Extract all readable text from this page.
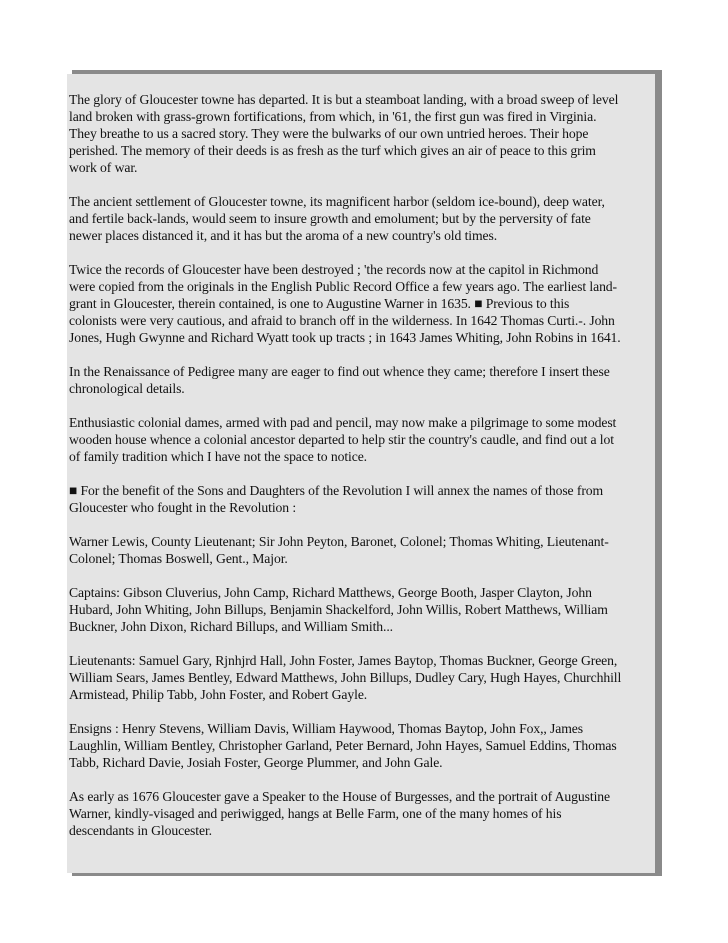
The glory of Gloucester towne has departed. It is but a steamboat landing, with a broad sweep of level
land broken with grass-grown fortifications, from which, in '61, the first gun was fired in Virginia.
They breathe to us a sacred story. They were the bulwarks of our own untried heroes. Their hope
perished. The memory of their deeds is as fresh as the turf which gives an air of peace to this grim
work of war.

The ancient settlement of Gloucester towne, its magnificent harbor (seldom ice-bound), deep water,
and fertile back-lands, would seem to insure growth and emolument; but by the perversity of fate
newer places distanced it, and it has but the aroma of a new country's old times.

Twice the records of Gloucester have been destroyed ; 'the records now at the capitol in Richmond
were copied from the originals in the English Public Record Office a few years ago. The earliest land-
grant in Gloucester, therein contained, is one to Augustine Warner in 1635. ■ Previous to this
colonists were very cautious, and afraid to branch off in the wilderness. In 1642 Thomas Curti.-. John
Jones, Hugh Gwynne and Richard Wyatt took up tracts ; in 1643 James Whiting, John Robins in 1641.

In the Renaissance of Pedigree many are eager to find out whence they came; therefore I insert these
chronological details.

Enthusiastic colonial dames, armed with pad and pencil, may now make a pilgrimage to some modest
wooden house whence a colonial ancestor departed to help stir the country's caudle, and find out a lot
of family tradition which I have not the space to notice.

■ For the benefit of the Sons and Daughters of the Revolution I will annex the names of those from
Gloucester who fought in the Revolution :

Warner Lewis, County Lieutenant; Sir John Peyton, Baronet, Colonel; Thomas Whiting, Lieutenant-
Colonel; Thomas Boswell, Gent., Major.

Captains: Gibson Cluverius, John Camp, Richard Matthews, George Booth, Jasper Clayton, John
Hubard, John Whiting, John Billups, Benjamin Shackelford, John Willis, Robert Matthews, William
Buckner, John Dixon, Richard Billups, and William Smith...

Lieutenants: Samuel Gary, Rjnhjrd Hall, John Foster, James Baytop, Thomas Buckner, George Green,
William Sears, James Bentley, Edward Matthews, John Billups, Dudley Cary, Hugh Hayes, Churchhill
Armistead, Philip Tabb, John Foster, and Robert Gayle.

Ensigns : Henry Stevens, William Davis, William Haywood, Thomas Baytop, John Fox,, James
Laughlin, William Bentley, Christopher Garland, Peter Bernard, John Hayes, Samuel Eddins, Thomas
Tabb, Richard Davie, Josiah Foster, George Plummer, and John Gale.

As early as 1676 Gloucester gave a Speaker to the House of Burgesses, and the portrait of Augustine
Warner, kindly-visaged and periwigged, hangs at Belle Farm, one of the many homes of his
descendants in Gloucester.
